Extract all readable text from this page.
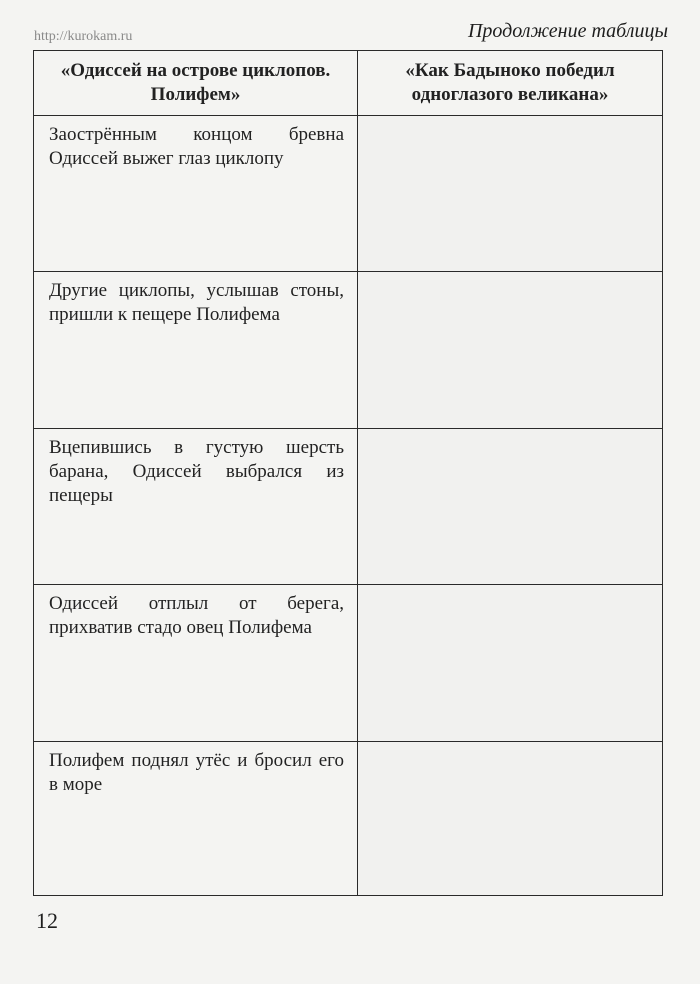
http://kurokam.ru	Продолжение таблицы
«Одиссей на острове циклопов. Полифем»	«Как Бадыноко победил одноглазого великана»

Заострённым концом бревна Одиссей выжег глаз циклопу	

Другие циклопы, услышав стоны, пришли к пещере Полифема	

Вцепившись в густую шерсть барана, Одиссей выбрался из пещеры	

Одиссей отплыл от берега, прихватив стадо овец Полифема	

Полифем поднял утёс и бросил его в море	

12
